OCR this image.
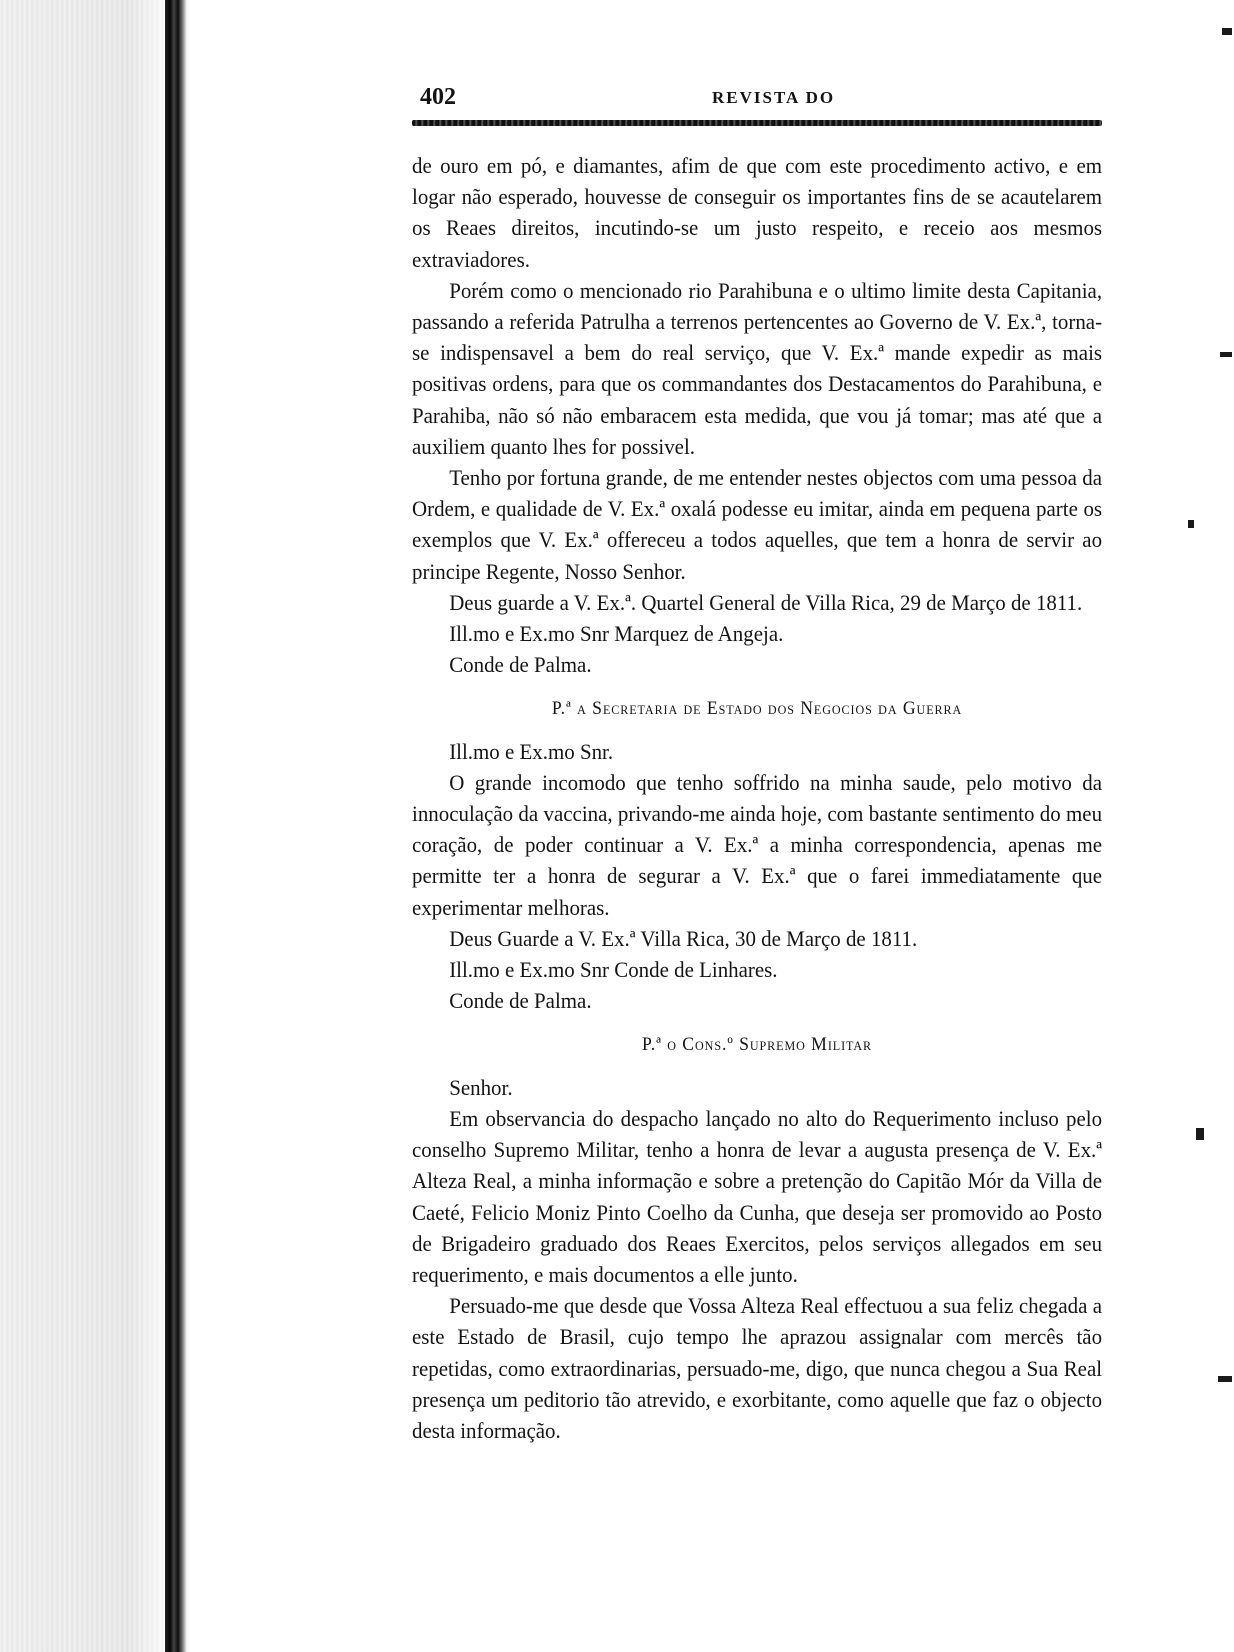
402	REVISTA DO

de ouro em pó, e diamantes, afim de que com este procedimento activo, e em logar não esperado, houvesse de conseguir os importantes fins de se acautelarem os Reaes direitos, incutindo-se um justo respeito, e receio aos mesmos extraviadores.

Porém como o mencionado rio Parahibuna e o ultimo limite desta Capitania, passando a referida Patrulha a terrenos pertencentes ao Governo de V. Ex.ª, torna-se indispensavel a bem do real serviço, que V. Ex.ª mande expedir as mais positivas ordens, para que os commandantes dos Destacamentos do Parahibuna, e Parahiba, não só não embaracem esta medida, que vou já tomar; mas até que a auxiliem quanto lhes for possivel.

Tenho por fortuna grande, de me entender nestes objectos com uma pessoa da Ordem, e qualidade de V. Ex.ª oxalá podesse eu imitar, ainda em pequena parte os exemplos que V. Ex.ª offereceu a todos aquelles, que tem a honra de servir ao principe Regente, Nosso Senhor.

Deus guarde a V. Ex.ª. Quartel General de Villa Rica, 29 de Março de 1811.

Ill.mo e Ex.mo Snr Marquez de Angeja.
Conde de Palma.
P.ª a Secretaria de Estado dos Negocios da Guerra
Ill.mo e Ex.mo Snr.

O grande incomodo que tenho soffrido na minha saude, pelo motivo da innoculação da vaccina, privando-me ainda hoje, com bastante sentimento do meu coração, de poder continuar a V. Ex.ª a minha correspondencia, apenas me permitte ter a honra de segurar a V. Ex.ª que o farei immediatamente que experimentar melhoras.

Deus Guarde a V. Ex.ª Villa Rica, 30 de Março de 1811.
Ill.mo e Ex.mo Snr Conde de Linhares.
Conde de Palma.
P.ª o Cons.º Supremo Militar
Senhor.

Em observancia do despacho lançado no alto do Requerimento incluso pelo conselho Supremo Militar, tenho a honra de levar a augusta presença de V. Ex.ª Alteza Real, a minha informação e sobre a pretenção do Capitão Mór da Villa de Caeté, Felicio Moniz Pinto Coelho da Cunha, que deseja ser promovido ao Posto de Brigadeiro graduado dos Reaes Exercitos, pelos serviços allegados em seu requerimento, e mais documentos a elle junto.

Persuado-me que desde que Vossa Alteza Real effectuou a sua feliz chegada a este Estado de Brasil, cujo tempo lhe aprazou assignalar com mercês tão repetidas, como extraordinarias, persuado-me, digo, que nunca chegou a Sua Real presença um peditorio tão atrevido, e exorbitante, como aquelle que faz o objecto desta informação.
